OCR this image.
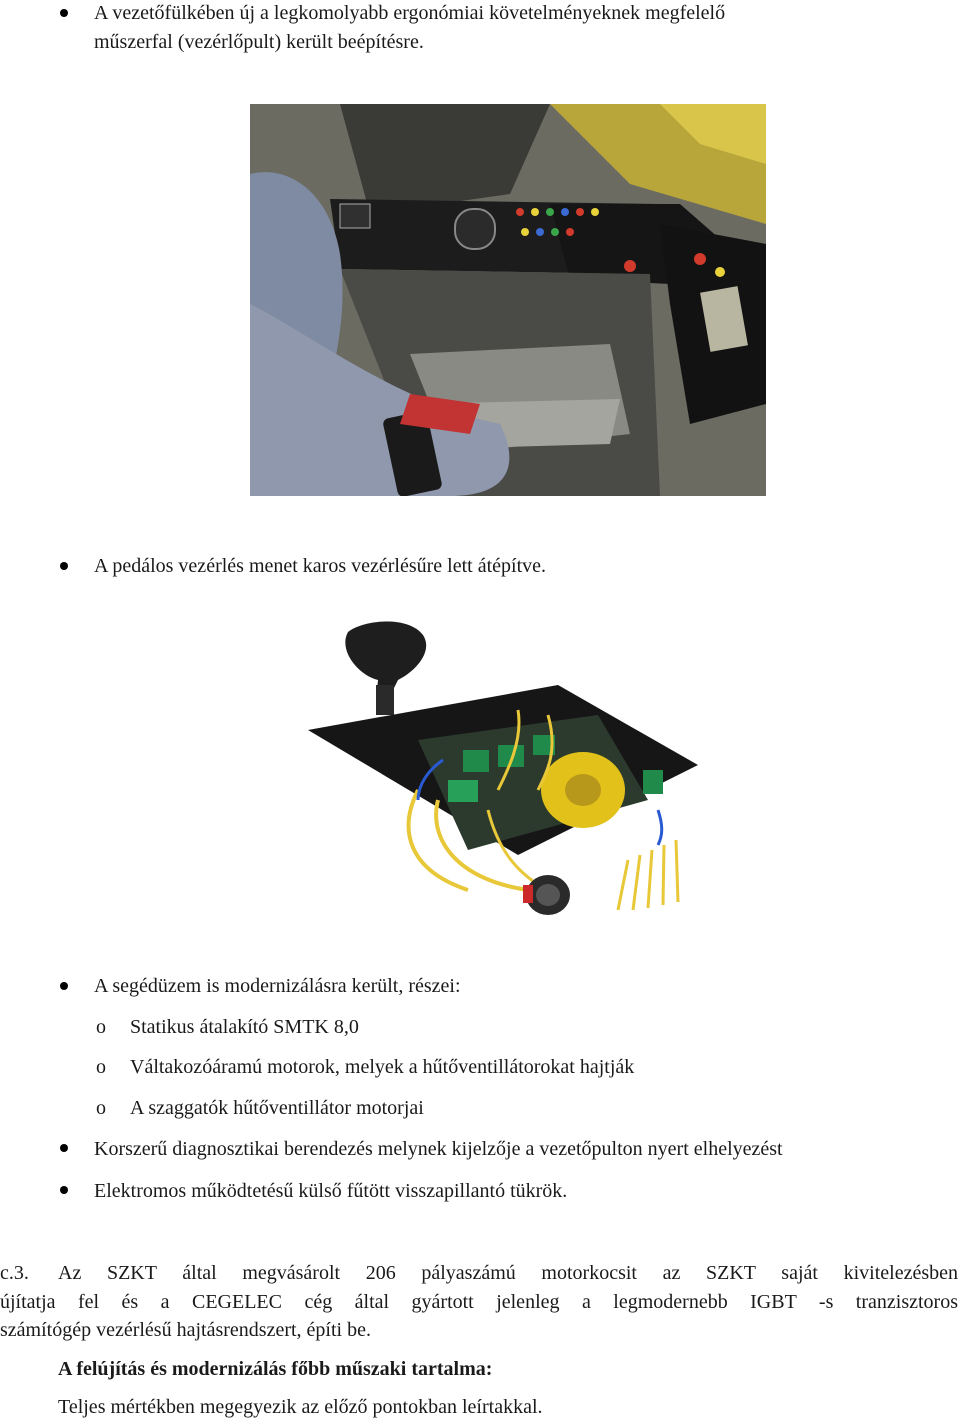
A vezetőfülkében új a legkomolyabb ergonómiai követelményeknek megfelelő
műszerfal (vezérlőpult) került beépítésre.
A pedálos vezérlés menet karos vezérlésűre lett átépítve.
A segédüzem is modernizálásra került, részei:
o Statikus átalakító SMTK 8,0
o Váltakozóáramú motorok, melyek a hűtőventillátorokat hajtják
o A szaggatók hűtőventillátor motorjai
Korszerű diagnosztikai berendezés melynek kijelzője a vezetőpulton nyert elhelyezést
Elektromos működtetésű külső fűtött visszapillantó tükrök.
c.3. Az SZKT által megvásárolt 206 pályaszámú motorkocsit az SZKT saját kivitelezésben
újítatja fel és a CEGELEC cég által gyártott jelenleg a legmodernebb IGBT -s tranzisztoros
számítógép vezérlésű hajtásrendszert, építi be.
A felújítás és modernizálás főbb műszaki tartalma:
Teljes mértékben megegyezik az előző pontokban leírtakkal.
